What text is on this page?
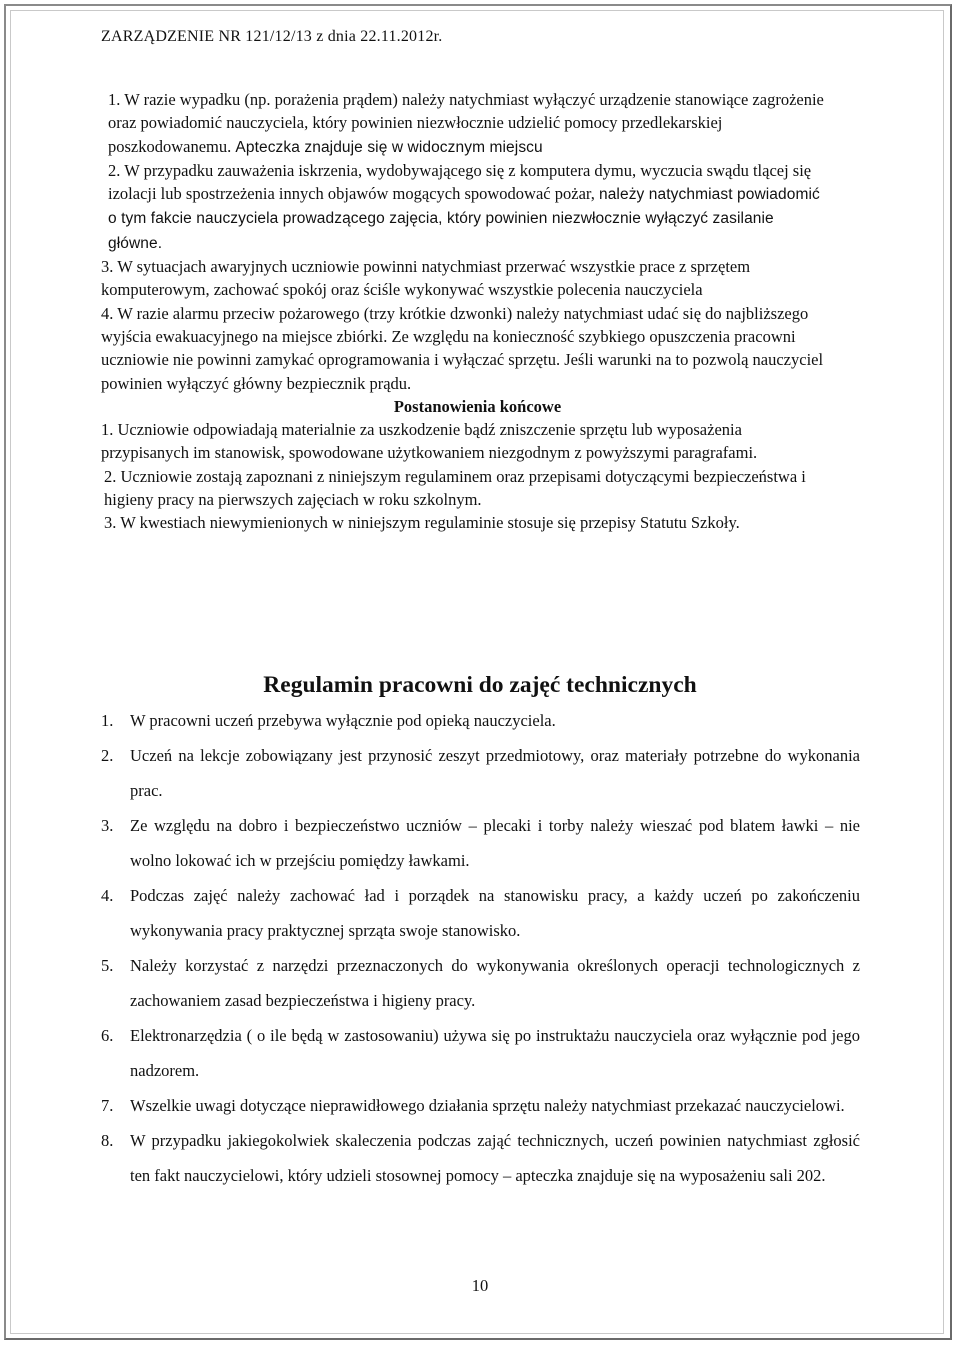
ZARZĄDZENIE NR 121/12/13 z dnia 22.11.2012r.

1. W razie wypadku (np. porażenia prądem) należy natychmiast wyłączyć urządzenie stanowiące zagrożenie oraz powiadomić nauczyciela, który powinien niezwłocznie udzielić pomocy przedlekarskiej poszkodowanemu. Apteczka znajduje się w widocznym miejscu

2. W przypadku zauważenia iskrzenia, wydobywającego się z komputera dymu, wyczucia swądu tlącej się izolacji lub spostrzeżenia innych objawów mogących spowodować pożar, należy natychmiast powiadomić o tym fakcie nauczyciela prowadzącego zajęcia, który powinien niezwłocznie wyłączyć zasilanie główne.

3. W sytuacjach awaryjnych uczniowie powinni natychmiast przerwać wszystkie prace z sprzętem komputerowym, zachować spokój oraz ściśle wykonywać wszystkie polecenia nauczyciela

4. W razie alarmu przeciw pożarowego (trzy krótkie dzwonki) należy natychmiast udać się do najbliższego wyjścia ewakuacyjnego na miejsce zbiórki. Ze względu na konieczność szybkiego opuszczenia pracowni uczniowie nie powinni zamykać oprogramowania i wyłączać sprzętu. Jeśli warunki na to pozwolą nauczyciel powinien wyłączyć główny bezpiecznik prądu.

Postanowienia końcowe

1. Uczniowie odpowiadają materialnie za uszkodzenie bądź zniszczenie sprzętu lub wyposażenia przypisanych im stanowisk, spowodowane użytkowaniem niezgodnym z powyższymi paragrafami.

2. Uczniowie zostają zapoznani z niniejszym regulaminem oraz przepisami dotyczącymi bezpieczeństwa i higieny pracy na pierwszych zajęciach w roku szkolnym.

3. W kwestiach niewymienionych w niniejszym regulaminie stosuje się przepisy Statutu Szkoły.

Regulamin pracowni do zajęć technicznych
1.	W pracowni uczeń przebywa wyłącznie pod opieką nauczyciela.
2.	Uczeń na lekcje zobowiązany jest przynosić zeszyt przedmiotowy, oraz materiały potrzebne do wykonania prac.
3.	Ze względu na dobro i bezpieczeństwo uczniów – plecaki i torby należy wieszać pod blatem ławki – nie wolno lokować ich w przejściu pomiędzy ławkami.
4.	Podczas zajęć należy zachować ład i porządek na stanowisku pracy, a każdy uczeń po zakończeniu wykonywania pracy praktycznej sprząta swoje stanowisko.
5.	Należy korzystać z narzędzi przeznaczonych do wykonywania określonych operacji technologicznych z zachowaniem zasad bezpieczeństwa i higieny pracy.
6.	Elektronarzędzia ( o ile będą w zastosowaniu) używa się po instruktażu nauczyciela oraz wyłącznie pod jego nadzorem.
7.	Wszelkie uwagi dotyczące nieprawidłowego działania sprzętu należy natychmiast przekazać nauczycielowi.
8.	W przypadku jakiegokolwiek skaleczenia podczas zająć technicznych, uczeń powinien natychmiast zgłosić ten fakt nauczycielowi, który udzieli stosownej pomocy – apteczka znajduje się na wyposażeniu sali 202.
10
